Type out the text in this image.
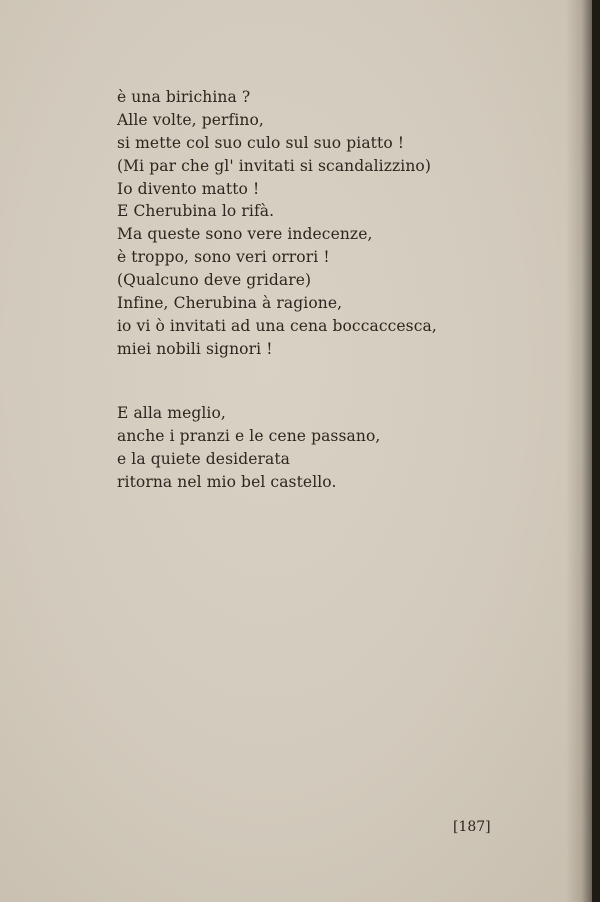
è una birichina ?
Alle volte, perfino,
si mette col suo culo sul suo piatto !
(Mi par che gl' invitati si scandalizzino)
Io divento matto !
E Cherubina lo rifà.
Ma queste sono vere indecenze,
è troppo, sono veri orrori !
(Qualcuno deve gridare)
Infine, Cherubina à ragione,
io vi ò invitati ad una cena boccaccesca,
miei nobili signori !
E alla meglio,
anche i pranzi e le cene passano,
e la quiete desiderata
ritorna nel mio bel castello.
[187]
